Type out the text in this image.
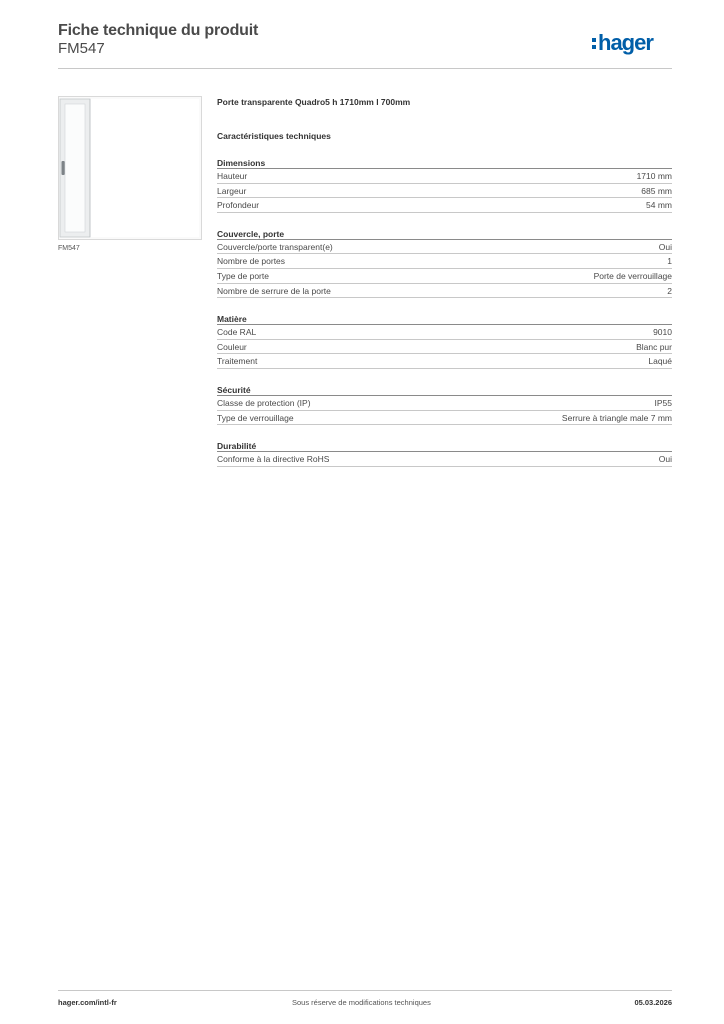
Fiche technique du produit
FM547	hager
FM547
Porte transparente Quadro5 h 1710mm l 700mm
Caractéristiques techniques
Dimensions
Hauteur	1710 mm
Largeur	685 mm
Profondeur	54 mm
Couvercle, porte
Couvercle/porte transparent(e)	Oui
Nombre de portes	1
Type de porte	Porte de verrouillage
Nombre de serrure de la porte	2
Matière
Code RAL	9010
Couleur	Blanc pur
Traitement	Laqué
Sécurité
Classe de protection (IP)	IP55
Type de verrouillage	Serrure à triangle male 7 mm
Durabilité
Conforme à la directive RoHS	Oui
hager.com/intl-fr	Sous réserve de modifications techniques	05.03.2026
